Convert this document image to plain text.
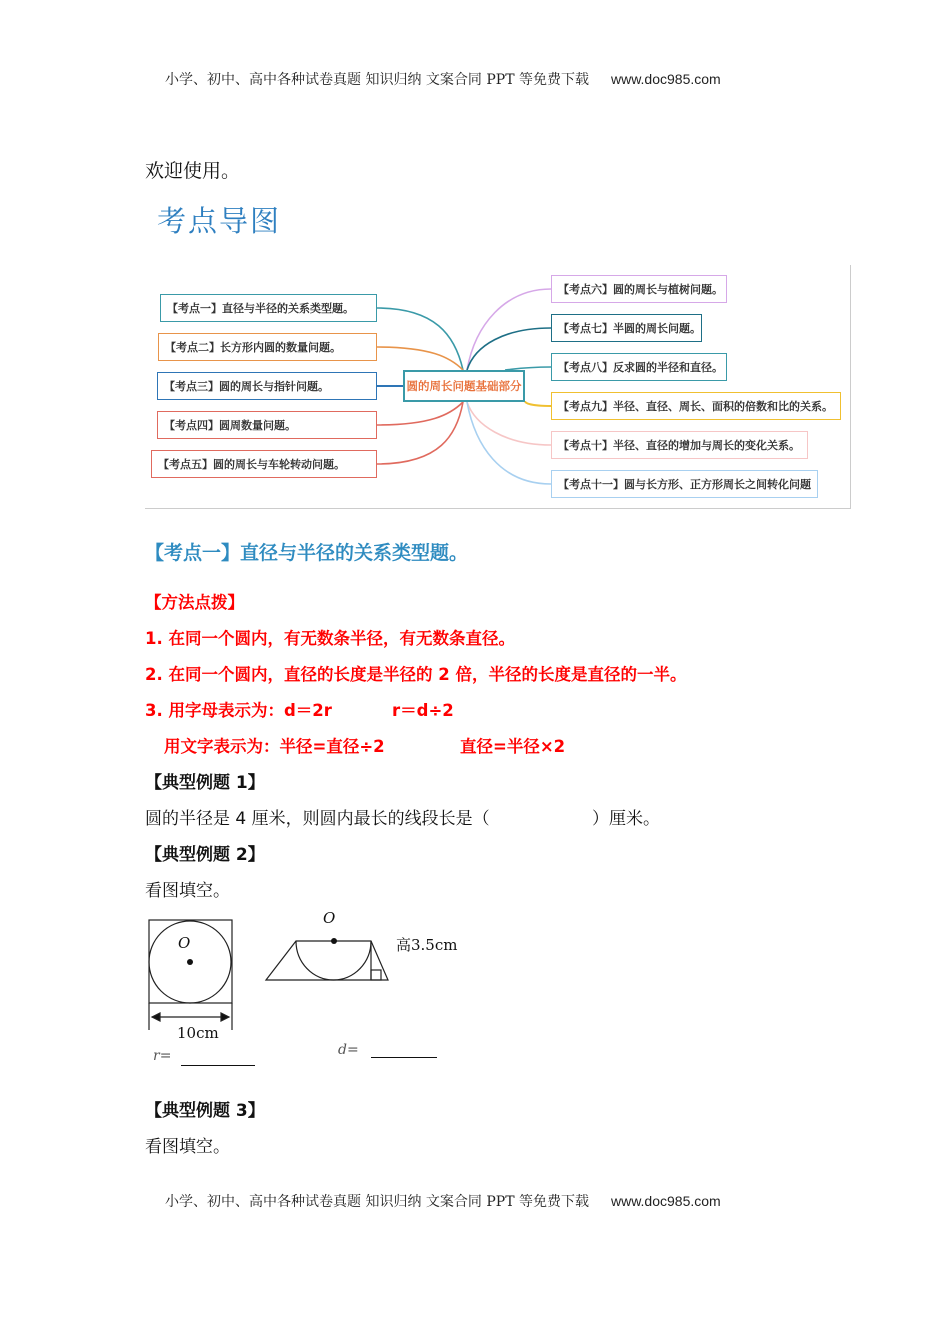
小学、初中、高中各种试卷真题 知识归纳 文案合同 PPT 等免费下载 www.doc985.com
欢迎使用。
考点导图
【考点一】直径与半径的关系类型题。
【考点二】长方形内圆的数量问题。
【考点三】圆的周长与指针问题。
【考点四】圆周数量问题。
【考点五】圆的周长与车轮转动问题。
圆的周长问题基础部分
【考点六】圆的周长与植树问题。
【考点七】半圆的周长问题。
【考点八】反求圆的半径和直径。
【考点九】半径、直径、周长、面积的倍数和比的关系。
【考点十】半径、直径的增加与周长的变化关系。
【考点十一】圆与长方形、正方形周长之间转化问题
【考点一】直径与半径的关系类型题。
【方法点拨】
1. 在同一个圆内，有无数条半径，有无数条直径。
2. 在同一个圆内，直径的长度是半径的 2 倍，半径的长度是直径的一半。
3. 用字母表示为：d＝2r	r＝d÷2
用文字表示为：半径=直径÷2	直径=半径×2
【典型例题 1】
圆的半径是 4 厘米，则圆内最长的线段长是（	）厘米。
【典型例题 2】
看图填空。
O
O
高3.5cm
10cm
r=	d=
【典型例题 3】
看图填空。
小学、初中、高中各种试卷真题 知识归纳 文案合同 PPT 等免费下载 www.doc985.com
